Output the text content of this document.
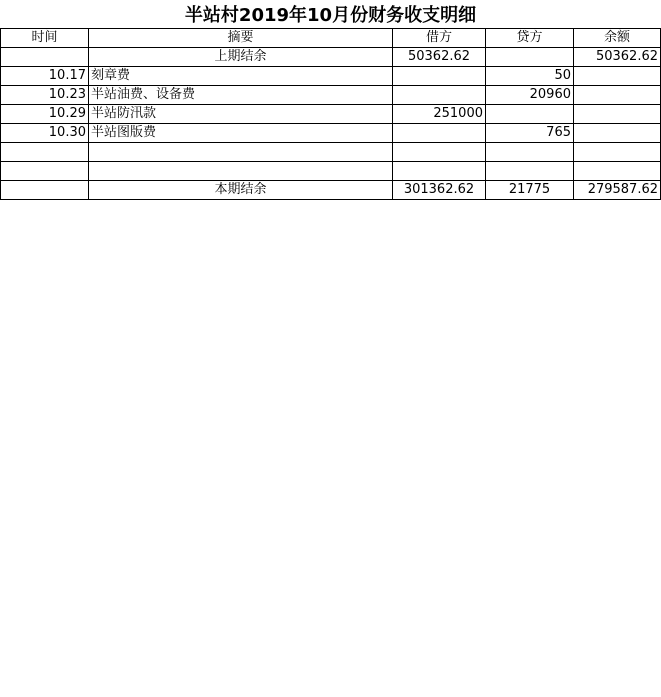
半站村2019年10月份财务收支明细
时间	摘要	借方	贷方	余额
	上期结余	50362.62		50362.62
10.17	刻章费		50	
10.23	半站油费、设备费		20960	
10.29	半站防汛款	251000		
10.30	半站图版费		765	

	本期结余	301362.62	21775	279587.62
